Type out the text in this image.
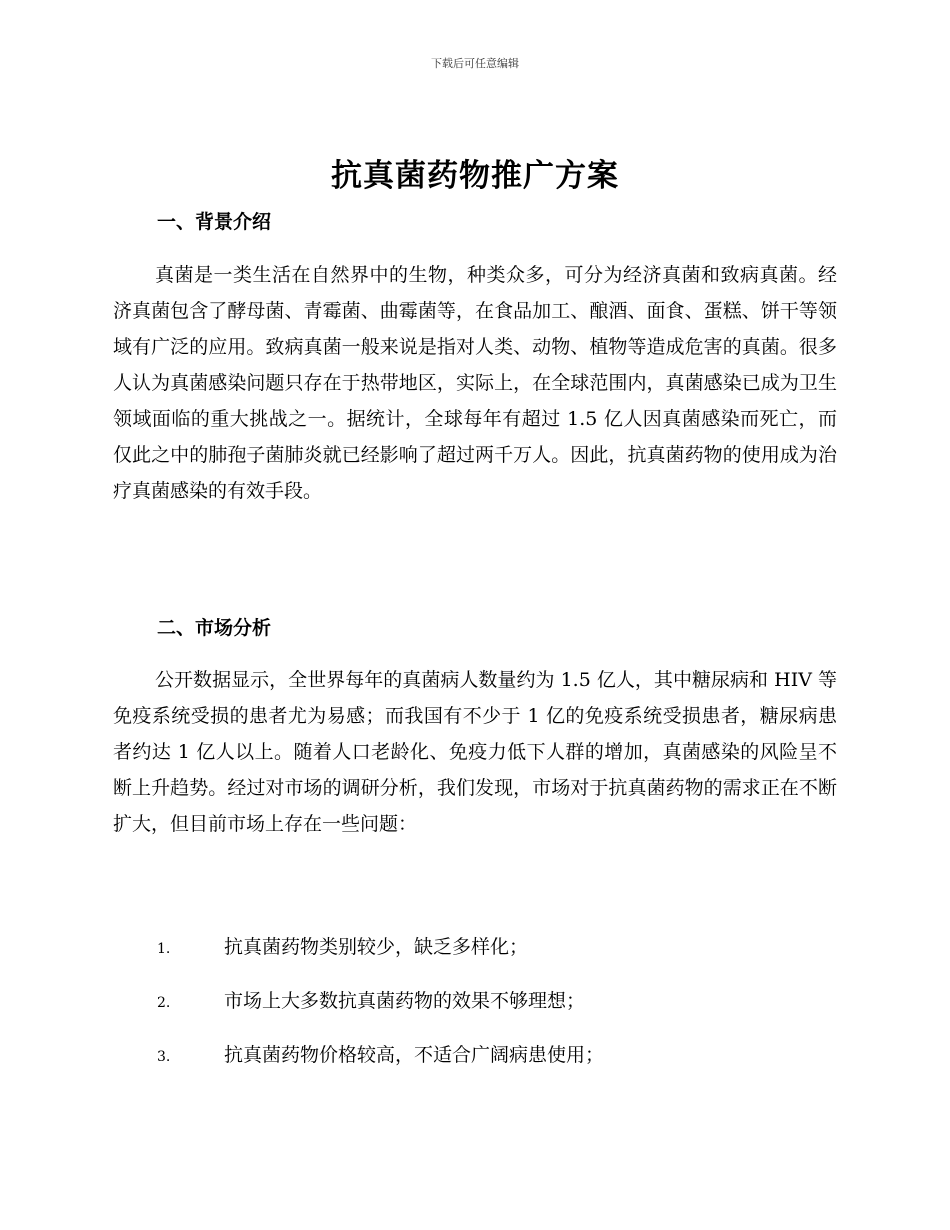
下载后可任意编辑
抗真菌药物推广方案
一、背景介绍
真菌是一类生活在自然界中的生物，种类众多，可分为经济真菌和致病真菌。经济真菌包含了酵母菌、青霉菌、曲霉菌等，在食品加工、酿酒、面食、蛋糕、饼干等领域有广泛的应用。致病真菌一般来说是指对人类、动物、植物等造成危害的真菌。很多人认为真菌感染问题只存在于热带地区，实际上，在全球范围内，真菌感染已成为卫生领域面临的重大挑战之一。据统计，全球每年有超过 1.5 亿人因真菌感染而死亡，而仅此之中的肺孢子菌肺炎就已经影响了超过两千万人。因此，抗真菌药物的使用成为治疗真菌感染的有效手段。
二、市场分析
公开数据显示，全世界每年的真菌病人数量约为 1.5 亿人，其中糖尿病和 HIV 等免疫系统受损的患者尤为易感；而我国有不少于 1 亿的免疫系统受损患者，糖尿病患者约达 1 亿人以上。随着人口老龄化、免疫力低下人群的增加，真菌感染的风险呈不断上升趋势。经过对市场的调研分析，我们发现，市场对于抗真菌药物的需求正在不断扩大，但目前市场上存在一些问题：
1.	抗真菌药物类别较少，缺乏多样化；
2.	市场上大多数抗真菌药物的效果不够理想；
3.	抗真菌药物价格较高，不适合广阔病患使用；
